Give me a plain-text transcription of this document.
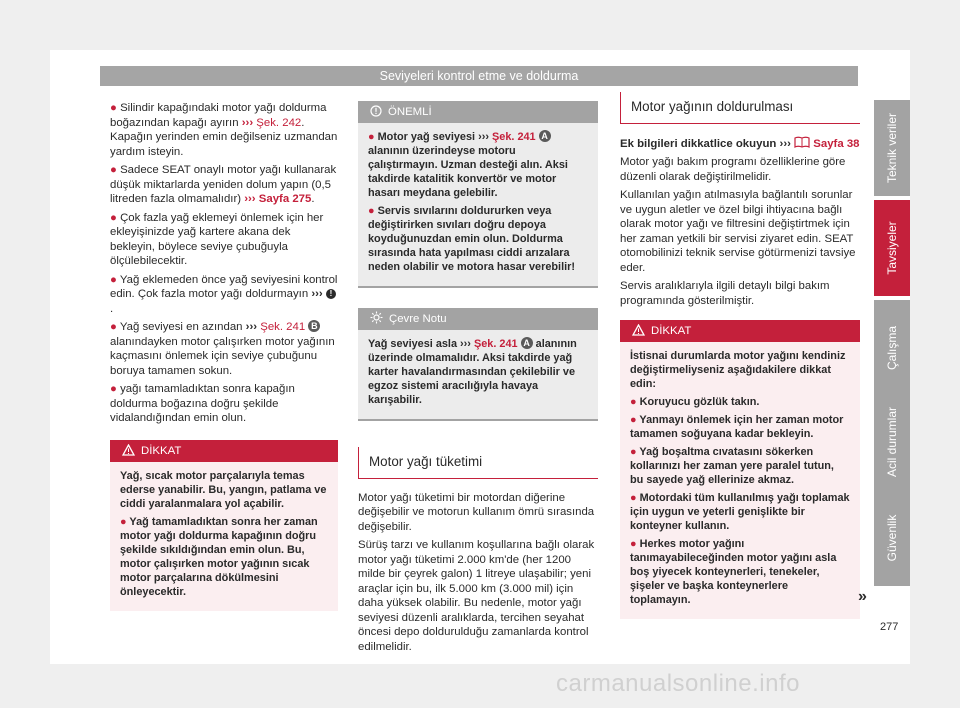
Seviyeleri kontrol etme ve doldurma

● Silindir kapağındaki motor yağı doldurma boğazından kapağı ayırın ››› Şek. 242. Kapağın yerinden emin değilseniz uzmandan yardım isteyin.

● Sadece SEAT onaylı motor yağı kullanarak düşük miktarlarda yeniden dolum yapın (0,5 litreden fazla olmamalıdır) ››› Sayfa 275.

● Çok fazla yağ eklemeyi önlemek için her ekleyişinizde yağ kartere akana dek bekleyin, böylece seviye çubuğuyla ölçülebilecektir.

● Yağ eklemeden önce yağ seviyesini kontrol edin. Çok fazla motor yağı doldurmayın ››› !.

● Yağ seviyesi en azından ››› Şek. 241 B alanındayken motor çalışırken motor yağının kaçmasını önlemek için seviye çubuğunu boruya tamamen sokun.

● yağı tamamladıktan sonra kapağın doldurma boğazına doğru şekilde vidalandığından emin olun.

DİKKAT

Yağ, sıcak motor parçalarıyla temas ederse yanabilir. Bu, yangın, patlama ve ciddi yaralanmalara yol açabilir.

● Yağ tamamladıktan sonra her zaman motor yağı doldurma kapağının doğru şekilde sıkıldığından emin olun. Bu, motor çalışırken motor yağının sıcak motor parçalarına dökülmesini önleyecektir.

ÖNEMLİ

● Motor yağ seviyesi ››› Şek. 241 A alanının üzerindeyse motoru çalıştırmayın. Uzman desteği alın. Aksi takdirde katalitik konvertör ve motor hasarı meydana gelebilir.

● Servis sıvılarını doldururken veya değiştirirken sıvıları doğru depoya koyduğunuzdan emin olun. Doldurma sırasında hata yapılması ciddi arızalara neden olabilir ve motora hasar verebilir!

Çevre Notu

Yağ seviyesi asla ››› Şek. 241 A alanının üzerinde olmamalıdır. Aksi takdirde yağ karter havalandırmasından çekilebilir ve egzoz sistemi aracılığıyla havaya karışabilir.

Motor yağı tüketimi

Motor yağı tüketimi bir motordan diğerine değişebilir ve motorun kullanım ömrü sırasında değişebilir.

Sürüş tarzı ve kullanım koşullarına bağlı olarak motor yağı tüketimi 2.000 km'de (her 1200 milde bir çeyrek galon) 1 litreye ulaşabilir; yeni araçlar için bu, ilk 5.000 km (3.000 mil) için daha yüksek olabilir. Bu nedenle, motor yağı seviyesi düzenli aralıklarda, tercihen seyahat öncesi depo doldurulduğu zamanlarda kontrol edilmelidir.

Motor yağının doldurulması

Ek bilgileri dikkatlice okuyun ››› Sayfa 38

Motor yağı bakım programı özelliklerine göre düzenli olarak değiştirilmelidir.

Kullanılan yağın atılmasıyla bağlantılı sorunlar ve uygun aletler ve özel bilgi ihtiyacına bağlı olarak motor yağı ve filtresini değiştirtmek için her zaman yetkili bir servisi ziyaret edin. SEAT otomobilinizi teknik servise götürmenizi tavsiye eder.

Servis aralıklarıyla ilgili detaylı bilgi bakım programında gösterilmiştir.

DİKKAT

İstisnai durumlarda motor yağını kendiniz değiştirmeliyseniz aşağıdakilere dikkat edin:

● Koruyucu gözlük takın.

● Yanmayı önlemek için her zaman motor tamamen soğuyana kadar bekleyin.

● Yağ boşaltma cıvatasını sökerken kollarınızı her zaman yere paralel tutun, bu sayede yağ ellerinize akmaz.

● Motordaki tüm kullanılmış yağı toplamak için uygun ve yeterli genişlikte bir konteyner kullanın.

● Herkes motor yağını tanımayabileceğinden motor yağını asla boş yiyecek konteynerleri, tenekeler, şişeler ve başka konteynerlere toplamayın.	»
Teknik veriler
Tavsiyeler
Çalışma
Acil durumlar
Güvenlik
277
carmanualsonline.info
